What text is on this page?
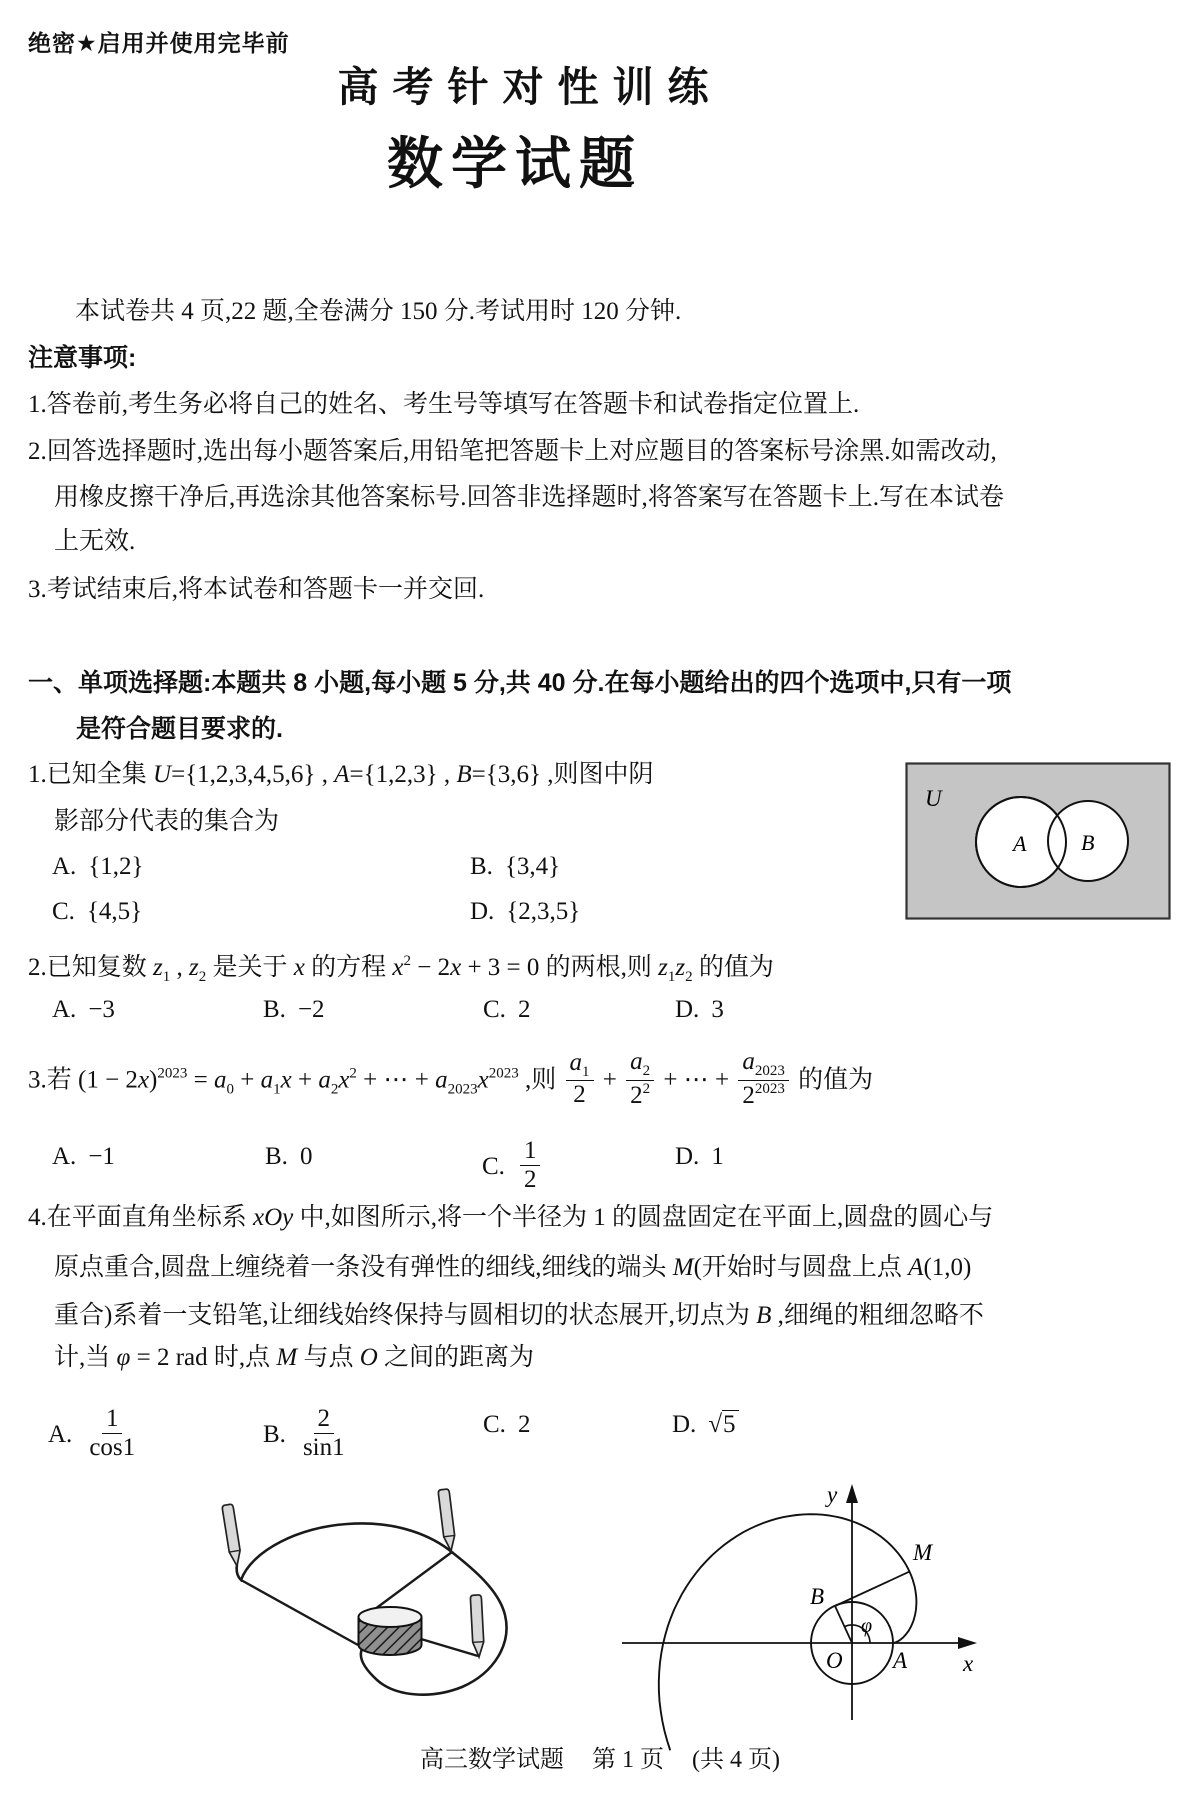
绝密★启用并使用完毕前
高考针对性训练
数学试题
本试卷共 4 页,22 题,全卷满分 150 分.考试用时 120 分钟.
注意事项:
1.答卷前,考生务必将自己的姓名、考生号等填写在答题卡和试卷指定位置上.
2.回答选择题时,选出每小题答案后,用铅笔把答题卡上对应题目的答案标号涂黑.如需改动,
用橡皮擦干净后,再选涂其他答案标号.回答非选择题时,将答案写在答题卡上.写在本试卷
上无效.
3.考试结束后,将本试卷和答题卡一并交回.
一、单项选择题:本题共 8 小题,每小题 5 分,共 40 分.在每小题给出的四个选项中,只有一项
是符合题目要求的.
1.已知全集 U={1,2,3,4,5,6} , A={1,2,3} , B={3,6} ,则图中阴
影部分代表的集合为
A. {1,2}	B. {3,4}
C. {4,5}	D. {2,3,5}
U
A B
2.已知复数 $z_1$ , $z_2$ 是关于 x 的方程 $x^2 - 2x + 3 = 0$ 的两根,则 $z_1z_2$ 的值为
A. −3	B. −2	C. 2	D. 3
3.若 $(1 - 2x)^{2023} = a_0 + a_1x + a_2x^2$ + ⋯ + $a_{2023}x^{2023}$ ,则 $\frac{a_1}{2} + \frac{a_2}{2^2}$ + ⋯ + $\frac{a_{2023}}{2^{2023}}$ 的值为
A. −1	B. 0	C. $\frac{1}{2}$	D. 1
4.在平面直角坐标系 xOy 中,如图所示,将一个半径为 1 的圆盘固定在平面上,圆盘的圆心与
原点重合,圆盘上缠绕着一条没有弹性的细线,细线的端头 M(开始时与圆盘上点 A(1,0)
重合)系着一支铅笔,让细线始终保持与圆相切的状态展开,切点为 B ,细绳的粗细忽略不
计,当 φ = 2 rad 时,点 M 与点 O 之间的距离为
A. $\frac{1}{\cos 1}$	B. $\frac{2}{\sin 1}$	C. 2	D. √5
y
x
O A
B
M
φ
高三数学试题 第 1 页 (共 4 页)
